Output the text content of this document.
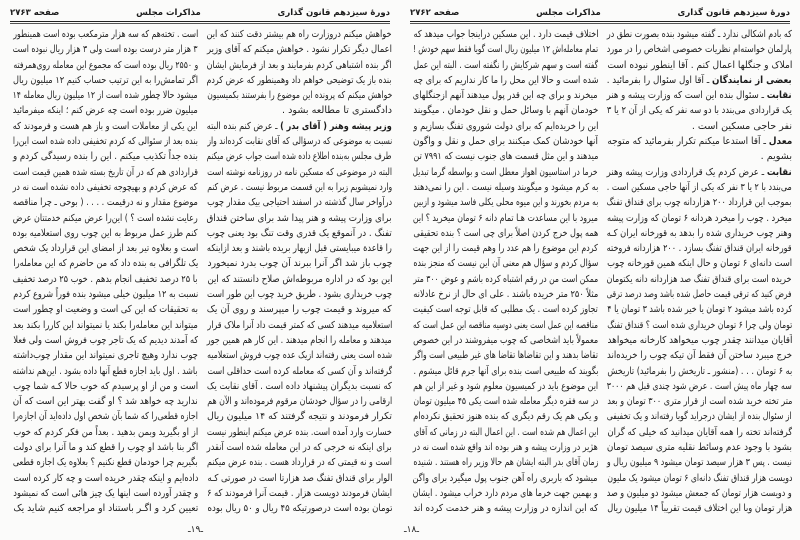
دورهٔ سیزدهم قانون گذاری
مذاکرات مجلس
صفحه ۲۷۶۳
خواهش میکنم دروزارت راه هم بیشتر دقت کنند که این
اعمال دیگر تکرار نشود . خواهش میکنم که آقای وزیر
اگر بنده اشتباهی کردم بفرمایند و بعد از فرمایش ایشان
بنده باز یک توضیحی خواهم داد وهمینطور که عرض کردم
خواهش میکنم که پرونده این موضوع را بفرستند بکمیسیون
دادگستری تا مطالعه بشود .
وزیر پیشه وهنر ( آقای بدر ) ـ عرض کنم بنده البته
نسبت به موضوعی که درسؤالی که آقای نقابت کرده‌اند واز
طرف مجلس به‌بنده اطلاع داده شده است جواب عرض میکنم
البته در موضوعی که مسکین نامه در روزنامه نوشته است
وارد نمیشویم زیرا به این قسمت مربوط نیست . عرض کنم
درآواخر سال گذشته در اسفند احتیاجی بیک مقدار چوب
برای وزارت پیشه و هنر پیدا شد برای ساختن قنداق
تفنگ . در آنموقع یک قدری وقت تنگ بود یعنی چوب
را قاعدة میبایستی قبل ازبهار بریده باشند و بعد ازاینکه
چوب باز شد اگر آنرا ببرند آن چوب بدرد نمیخورد
این بود که در اداره مربوطه‌اش صلاح دانستند که این
چوب خریداری بشود . طریق خرید چوب این طور است
که میروند و قیمت چوب را میپرسند و روی آن یک
استعلامیه میدهند کسی که کمتر قیمت داد آنرا ملاک قرار
میدهند و معامله را انجام میدهند . این کار هم همین جور
شده است یعنی رفته‌اند ازیک عده چوب فروش استعلامیه
گرفته‌اند و آن کسی که معامله کرده است حداقلی است
که نسبت بدیگران پیشنهاد داده است . آقای نقابت یک
ارقامی را در سؤال خودشان مرقوم فرموده‌اند و الآن هم
تکرار فرمودند و نتیجه گرفتند که ۱۴ میلیون ریال
خسارت وارد آمده است. بنده عرض میکنم اینطور نیست
برای اینکه نه خرجی که در این معامله شده است آنقدر
است و نه قیمتی که در قرارداد هست . بنده عرض میکنم
الوار برای قنداق تفنگ صد هزارتا است در صورتی کـه
ایشان فرمودند دویست هزار . قیمت آنرا فرمودند که ۶
تومان بوده است درصورتیکه ۴۵ ریال و ۵۰ ریال بوده
است . تخته‌هم که سه هزار مترمکعب بوده است همینطور
۳ هزار متر درست بوده است ولی ۳ هزار ریال نبوده است
و ۲۵۵۰ ریال بوده است که مجموع این معامله روی‌همرفته
اگر تمامش‌را به این ترتیب حساب کنیم ۱۲ میلیون ریال
میشود حالا چطور شده است از ۱۲ میلیون ریال معامله ۱۴
میلیون ضرر بوده است چه عرض کنم ؛ اینکه میفرمائید
این یکی از معاملات است و باز هم هست و فرمودند که
بنده بعد از سئوالی که کردم تخفیفی داده شده است این‌را
بنده جداً تکذیب میکنم . این را بنده رسیدگی کردم و
قراردادی هم که در آن تاریخ بسته شده همین قیمت است
که عرض کردم و بهیچوجه تخفیفی داده نشده است نه در
موضوع مقدار و نه درقیمت . . . . ( بوحی ـ چرا مناقصه
رعایت نشده است ؟ ) این‌را عرض میکنم خدمتتان عرض
کنم طرز عمل مربوط به این چوب روی استعلامیه بوده
است و بعلاوه تیر بعد از امضای این قرارداد یک شخص
یک تلگرافی به بنده داد که من حاضرم که این معامله‌را
با ۲۵ درصد تخفیف انجام بدهم . خوب ۲۵ درصد تخفیف
نسبت به ۱۲ میلیون خیلی میشود بنده فوراً شروع کردم
به تحقیقات که این کی است و وضعیت او چطور است
میتواند این معامله‌را بکند یا نمیتواند این کاررا بکند بعد
که آمدند دیدیم که یک تاجر چوب فروش است ولی فعلا
چوب ندارد وهیچ تاجری نمیتواند این مقدار چوب‌داشته
باشد . اول باید اجازه قطع آنها داده بشود . این‌هم نداشته
است و من از او پرسیدم که خوب حالا کـه شما چوب
ندارید چه خواهد شد ؟ او گفت بهتر این است که آن
اجازه قطعی‌را که شما بآن شخص اول داده‌اید آن اجازه‌را
از او بگیرید وبمن بدهید . بعداً من فکر کردم که خوب
اگر بنا باشد او چوب را قطع کند و ما آنرا برای دولت
بگیریم چرا خودمان قطع نکنیم ؟ بعلاوه یک اجازه قطعی
داده‌ایم و اینکه چقدر خریده است و چه کار کرده است
و چقدر آورده است اینها یک چیز هائی است که نمیشود
تعیین کرد و اگـر باستناد او مراجعه کنیم شاید یک
ـ۱۹ـ
دورهٔ سیزدهم قانون گذاری
مذاکرات مجلس
صفحه ۲۷۶۲
که بادم اشکالی ندارد ـ گفته میشود بنده بصورت نطق در
پارلمان خواسته‌ام نظریات خصوصی اشخاص را در مورد
املاک و جنگلها اعمال کنم . آقا اینطور نبوده است
بعضی از نمایندگان ـ آقا اول سئوال را بفرمائید .
نقابت ـ سئوال بنده این است که وزارت پیشه و هنر
یک قراردادی می‌بندد با دو سه نفر که یکی از آن ۲ یا ۳
نفر حاجی مسکین است .
معدل ـ آقا استدعا میکنم تکرار بفرمائید که متوجه
بشویم .
نقابت ـ عرض کردم یک قراردادی وزارت پیشه وهنر
می‌بندد با ۲ یا ۳ نفر که یکی از آنها حاجی مسکین است .
بموجب این قرارداد ۲۰۰ هزاردانه چوب برای قنداق تفنگ
میخرد . چوب را میخرد هردانه ۶ تومان که وزارت پیشه
وهنر چوب خریداری شده را بدهد به قورخانه ایران کـه
قورخانه ایران قنداق تفنگ بسازد . ۲۰۰ هزاردانه فروخته
است دانه‌ای ۶ تومان و حال اینکه همین قورخانه چوب
خریده است برای قنداق تفنگ صد هزاردانه دانه یکتومان
فرض کنید که ترقی قیمت حاصل شده باشد وصد درصد ترقی
کرده باشد میشود ۲ تومان یا خیر شده باشد ۳ تومان یا ۴
تومان ولی چرا ۶ تومان خریداری شده است ؟ قنداق تفنگ
آقایان میدانند چقدر چوب میخواهد کارخانه میخواهد
خرج میبرد ساختن آن فقط آن تیکه چوب را خریده‌اند
به ۶ تومان . . . (منشور ـ تاریخش را بفرمائید) تاریخش
سه چهار ماه پیش است . عرض شود چندی قبل هم ۳۰۰۰
متر تخته خرید شده است از قرار متری ۳۰۰ تومان و بعد
از سئوال بنده از ایشان درجرايد گویا رفته‌اند و یک تخفیفی
گرفته‌اند تخته را همه آقایان میدانید که خیلی که گران
بشود با وجود عدم وسائط نقلیه متری سیصد تومان
نیست . پس ۳ هزار سیصد تومان میشود ۹ میلیون ریال و
دویست هزار قنداق تفنگ دانه‌ای ۶ تومان میشود یک ملیون
و دویست هزار تومان که جمعش میشود دو میلیون و صد
هزار تومان وبا این اختلاف قیمت تقریباً ۱۴ میلیون ریال
اختلاف قیمت دارد . این مسکین دراینجا جواب میدهد که
تمام معامله‌اش ۱۲ میلیون ریال است گویا فقط سهم خودش !
گفته است و سهم شرکایش را نگفته است . البته این عمل
شده است و حالا این محل را ما کار نداریم که برای چه
میخرند و برای چه این قدر پول میدهند آنهم ازجنگلهای
خودمان آنهم با وسائل حمل و نقل خودمان . میگویند
این را خریده‌ایم که برای دولت شوروی تفنگ بسازیم و
آنها خودشان کمک میکنند برای حمل و نقل و واگون
میدهند و این مثل قسمت های جنوب نیست که ۷۹۹۱ تن
خرما در استاسیون اهواز معطل است و بواسطه گرما تبدیل
به کرم میشود و میگویند وسیله نیست . این را نمی‌دهند
به مردم بخورند و این میوه محلی یکلی فاسد میشود و ازبین
میرود با این مساعدت هـا تمام دانه ۶ تومان میخرید ؟ این
همه پول خرج کردن اصلاً برای چی است ؟ بنده تحقیقی
کردم این موضوع را هم عدد را وهم قیمت را از این جهت
سؤال کردم و سؤال هم معنی آن این نیست که منجز بنده
ممکن است من در رقم اشتباه کرده باشم و عوض ۳۰۰ متر
مثلاً ۲۵۰ متر خریده باشند . علی ای حال از نرخ عادلانه
تجاوز کرده است . یک مطلبی که قابل توجه است کیفیت
مناقصه این عمل است یعنی دوسیه مناقصه این عمل است که
معمولاً باید اشخاصی که چوب میفروشند در این خصوص
تقاضا بدهند و این تقاضاها تقاضا های غیر طبیعی است واگر
بگویند که طبیعی است بنده برای آنها جرم قائل میشوم .
این موضوع باید در کمیسیون معلوم شود و غیر از این هم
در سه فقره دیگر معامله شده است یکی ۴۵ میلیون تومان
و یکی هم یک رقم دیگری که بنده هنوز تحقیق نکرده‌ام
این اعمال هم شده است . این اعمال البته در زمانی که آقای
هژیر در وزارت پیشه و هنر بوده اند واقع شده است نه در
زمان آقای بدر البته ایشان هم حالا وزیر راه هستند . شنیده
میشود که باربری راه آهن جنوب پول میگیرد برای واگن
و بهمین جهت خرما های مردم دارد خراب میشود . ایشان
که این اندازه در وزارت پیشه و هنر خدمت کرده اند
ـ۱۸ـ
